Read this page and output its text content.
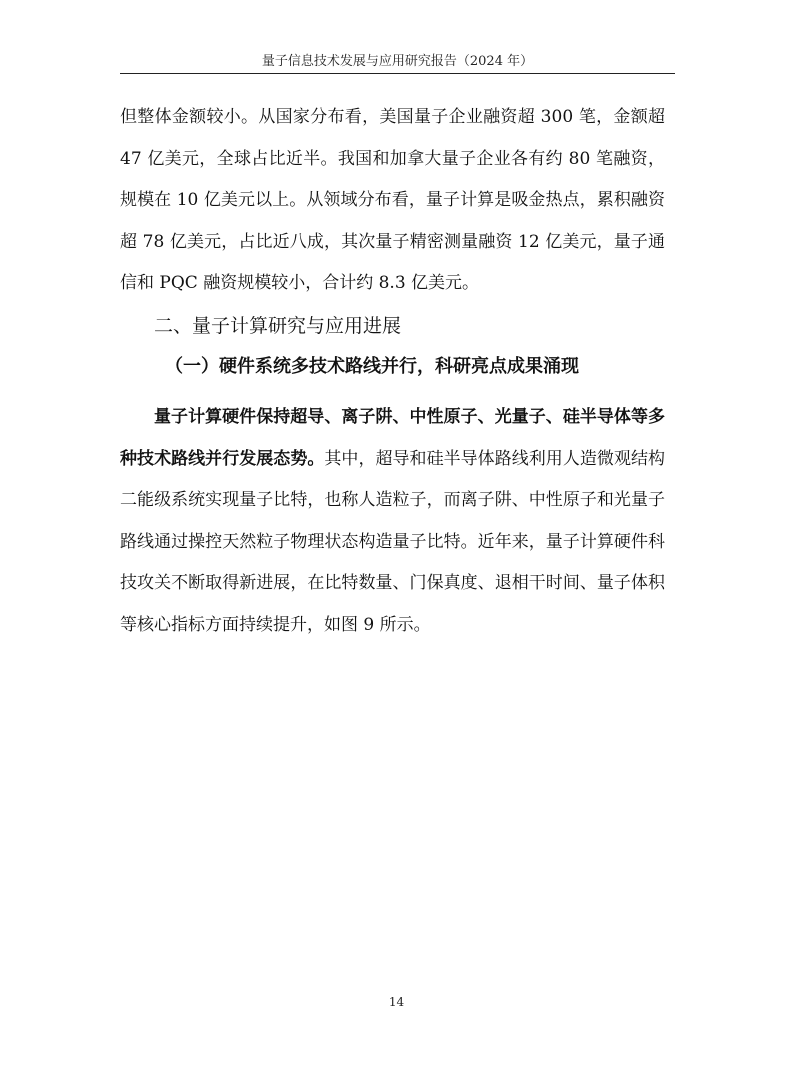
量子信息技术发展与应用研究报告（2024 年）

但整体金额较小。从国家分布看，美国量子企业融资超 300 笔，金额超 47 亿美元，全球占比近半。我国和加拿大量子企业各有约 80 笔融资，规模在 10 亿美元以上。从领域分布看，量子计算是吸金热点，累积融资超 78 亿美元，占比近八成，其次量子精密测量融资 12 亿美元，量子通信和 PQC 融资规模较小，合计约 8.3 亿美元。

二、量子计算研究与应用进展
（一）硬件系统多技术路线并行，科研亮点成果涌现

量子计算硬件保持超导、离子阱、中性原子、光量子、硅半导体等多种技术路线并行发展态势。其中，超导和硅半导体路线利用人造微观结构二能级系统实现量子比特，也称人造粒子，而离子阱、中性原子和光量子路线通过操控天然粒子物理状态构造量子比特。近年来，量子计算硬件科技攻关不断取得新进展，在比特数量、门保真度、退相干时间、量子体积等核心指标方面持续提升，如图 9 所示。

14
